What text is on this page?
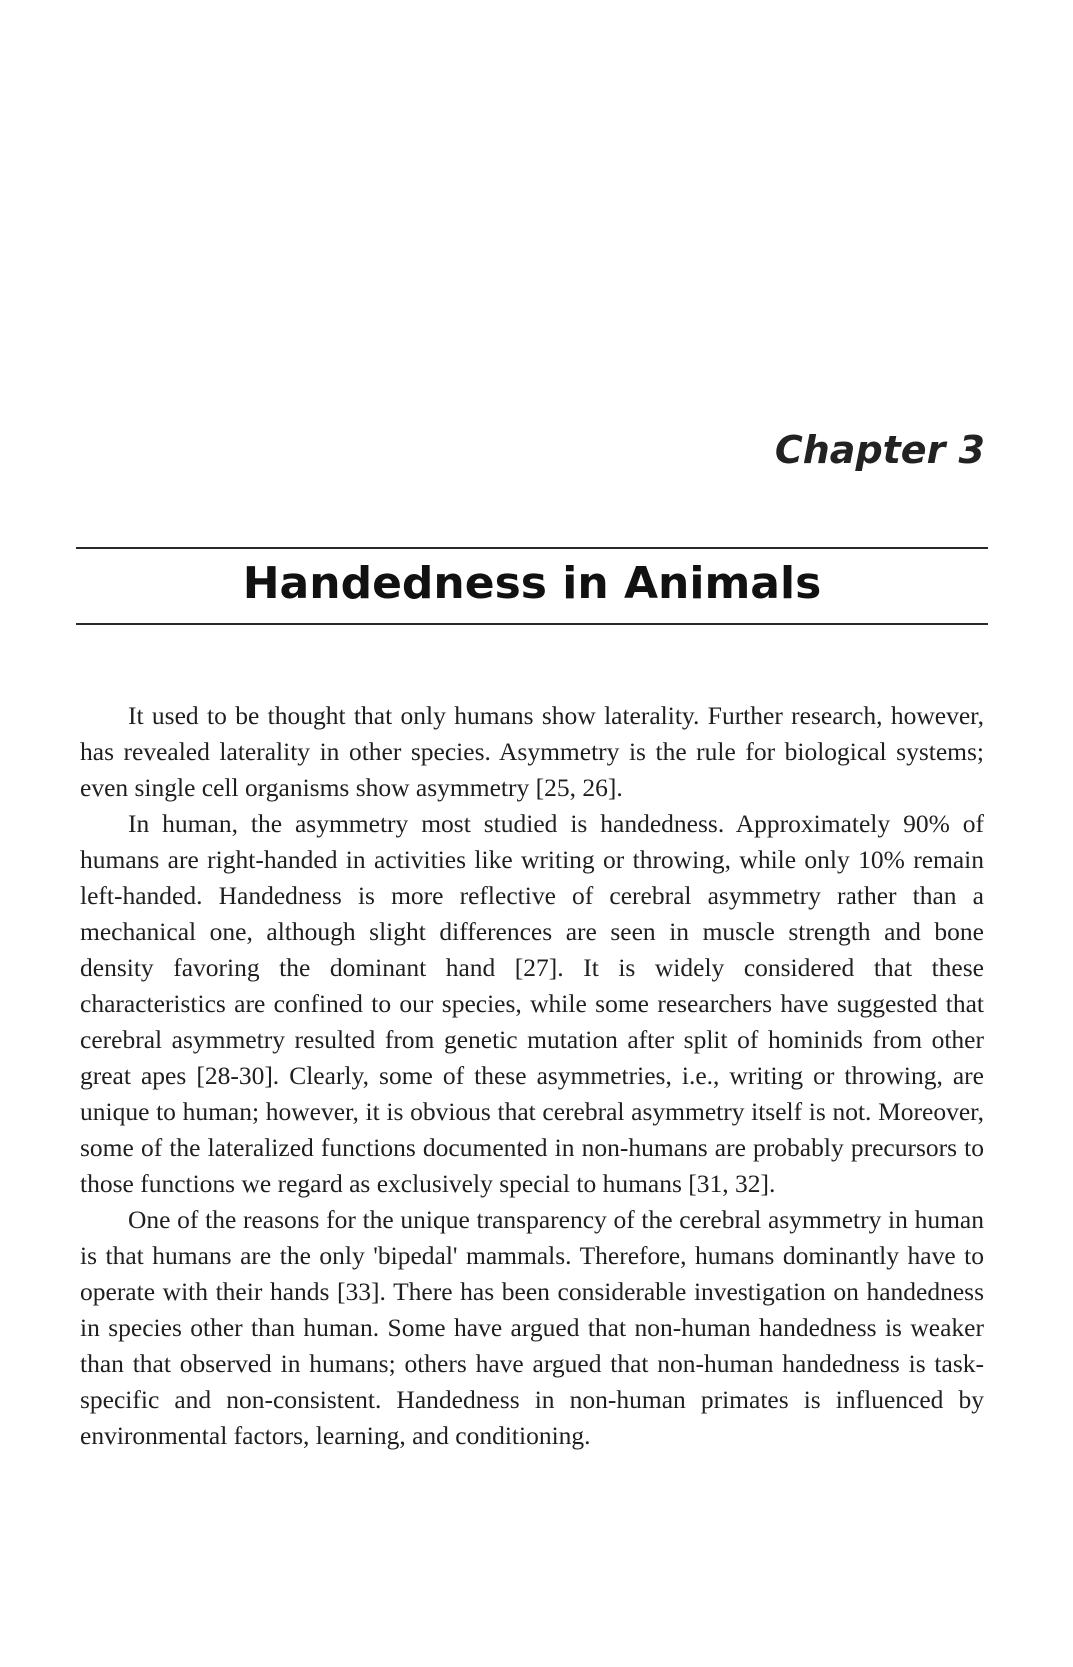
Chapter 3
Handedness in Animals

It used to be thought that only humans show laterality. Further research, however, has revealed laterality in other species. Asymmetry is the rule for biological systems; even single cell organisms show asymmetry [25, 26].

In human, the asymmetry most studied is handedness. Approximately 90% of humans are right-handed in activities like writing or throwing, while only 10% remain left-handed. Handedness is more reflective of cerebral asymmetry rather than a mechanical one, although slight differences are seen in muscle strength and bone density favoring the dominant hand [27]. It is widely considered that these characteristics are confined to our species, while some researchers have suggested that cerebral asymmetry resulted from genetic mutation after split of hominids from other great apes [28-30]. Clearly, some of these asymmetries, i.e., writing or throwing, are unique to human; however, it is obvious that cerebral asymmetry itself is not. Moreover, some of the lateralized functions documented in non-humans are probably precursors to those functions we regard as exclusively special to humans [31, 32].

One of the reasons for the unique transparency of the cerebral asymmetry in human is that humans are the only 'bipedal' mammals. Therefore, humans dominantly have to operate with their hands [33]. There has been considerable investigation on handedness in species other than human. Some have argued that non-human handedness is weaker than that observed in humans; others have argued that non-human handedness is task-specific and non-consistent. Handedness in non-human primates is influenced by environmental factors, learning, and conditioning.
